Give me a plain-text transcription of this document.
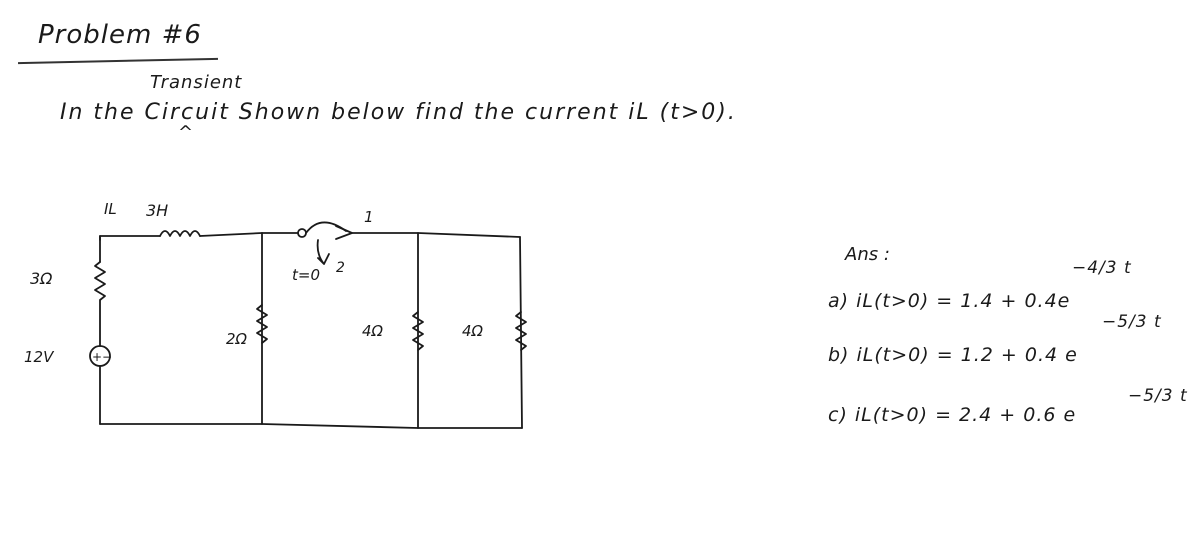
Problem #6
Transient
^
In the Circuit Shown below find the current iL (t>0).
+−
IL 3H
3Ω
12V
2Ω
t=0
1
2
4Ω	4Ω
Ans :
a) iL(t>0) = 1.4 + 0.4e
−4/3 t
b) iL(t>0) = 1.2 + 0.4 e
−5/3 t
c) iL(t>0) = 2.4 + 0.6 e
−5/3 t
